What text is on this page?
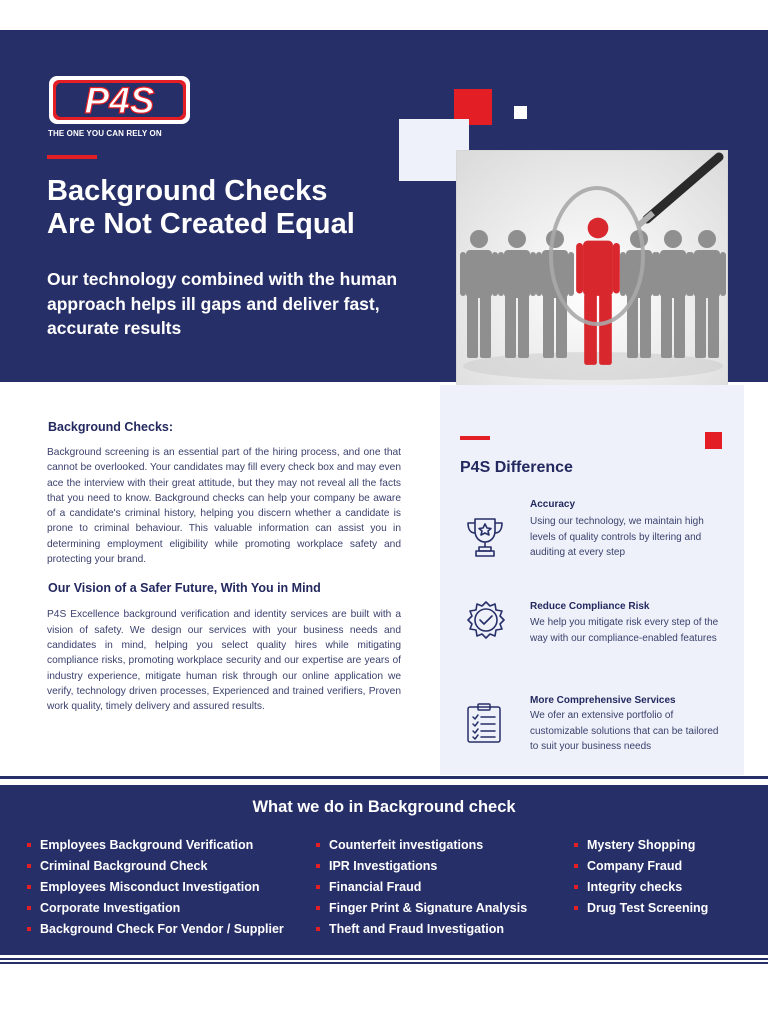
P4S
THE ONE YOU CAN RELY ON
Background Checks
Are Not Created Equal
Our technology combined with the human approach helps ill gaps and deliver fast, accurate results
Background Checks:
Background screening is an essential part of the hiring process, and one that cannot be overlooked. Your candidates may fill every check box and may even ace the interview with their great attitude, but they may not reveal all the facts that you need to know. Background checks can help your company be aware of a candidate's criminal history, helping you discern whether a candidate is prone to criminal behaviour. This valuable information can assist you in determining employment eligibility while promoting workplace safety and protecting your brand.
Our Vision of a Safer Future, With You in Mind
P4S Excellence background verification and identity services are built with a vision of safety. We design our services with your business needs and candidates in mind, helping you select quality hires while mitigating compliance risks, promoting workplace security and our expertise are years of industry experience, mitigate human risk through our online application we verify, technology driven processes, Experienced and trained verifiers, Proven work quality, timely delivery and assured results.
P4S Difference
Accuracy
Using our technology, we maintain high levels of quality controls by iltering and auditing at every step
Reduce Compliance Risk
We help you mitigate risk every step of the way with our compliance-enabled features
More Comprehensive Services
We ofer an extensive portfolio of customizable solutions that can be tailored to suit your business needs
What we do in Background check
Employees Background Verification
Criminal Background Check
Employees Misconduct Investigation
Corporate Investigation
Background Check For Vendor / Supplier
Counterfeit investigations
IPR Investigations
Financial Fraud
Finger Print & Signature Analysis
Theft and Fraud Investigation
Mystery Shopping
Company Fraud
Integrity checks
Drug Test Screening
